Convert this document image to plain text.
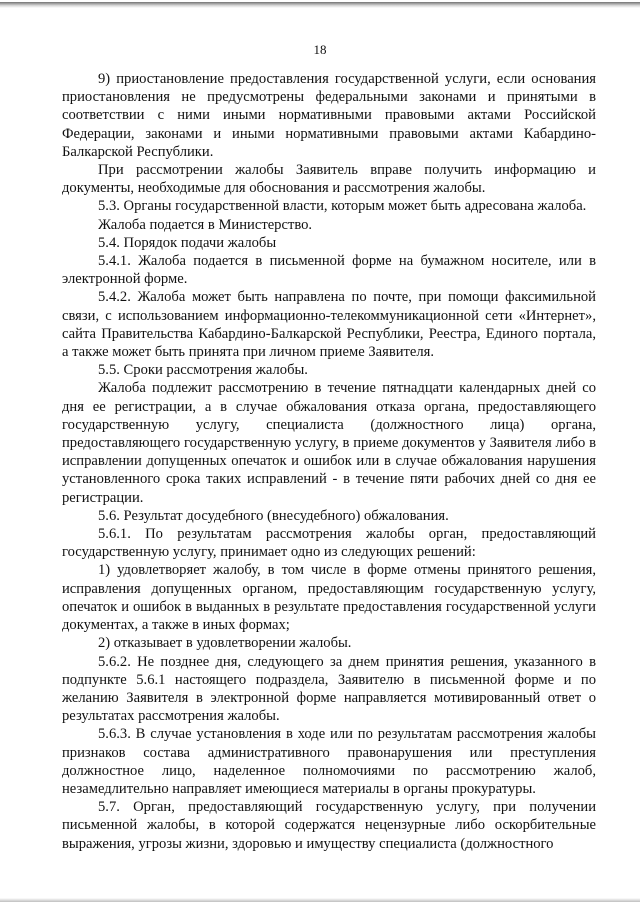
18

9) приостановление предоставления государственной услуги, если основания приостановления не предусмотрены федеральными законами и принятыми в соответствии с ними иными нормативными правовыми актами Российской Федерации, законами и иными нормативными правовыми актами Кабардино-Балкарской Республики.

При рассмотрении жалобы Заявитель вправе получить информацию и документы, необходимые для обоснования и рассмотрения жалобы.

5.3. Органы государственной власти, которым может быть адресована жалоба.

Жалоба подается в Министерство.

5.4. Порядок подачи жалобы

5.4.1. Жалоба подается в письменной форме на бумажном носителе, или в электронной форме.

5.4.2. Жалоба может быть направлена по почте, при помощи факсимильной связи, с использованием информационно-телекоммуникационной сети «Интернет», сайта Правительства Кабардино-Балкарской Республики, Реестра, Единого портала, а также может быть принята при личном приеме Заявителя.

5.5. Сроки рассмотрения жалобы.

Жалоба подлежит рассмотрению в течение пятнадцати календарных дней со дня ее регистрации, а в случае обжалования отказа органа, предоставляющего государственную услугу, специалиста (должностного лица) органа, предоставляющего государственную услугу, в приеме документов у Заявителя либо в исправлении допущенных опечаток и ошибок или в случае обжалования нарушения установленного срока таких исправлений - в течение пяти рабочих дней со дня ее регистрации.

5.6. Результат досудебного (внесудебного) обжалования.

5.6.1. По результатам рассмотрения жалобы орган, предоставляющий государственную услугу, принимает одно из следующих решений:

1) удовлетворяет жалобу, в том числе в форме отмены принятого решения, исправления допущенных органом, предоставляющим государственную услугу, опечаток и ошибок в выданных в результате предоставления государственной услуги документах, а также в иных формах;

2) отказывает в удовлетворении жалобы.

5.6.2. Не позднее дня, следующего за днем принятия решения, указанного в подпункте 5.6.1 настоящего подраздела, Заявителю в письменной форме и по желанию Заявителя в электронной форме направляется мотивированный ответ о результатах рассмотрения жалобы.

5.6.3. В случае установления в ходе или по результатам рассмотрения жалобы признаков состава административного правонарушения или преступления должностное лицо, наделенное полномочиями по рассмотрению жалоб, незамедлительно направляет имеющиеся материалы в органы прокуратуры.

5.7. Орган, предоставляющий государственную услугу, при получении письменной жалобы, в которой содержатся нецензурные либо оскорбительные выражения, угрозы жизни, здоровью и имуществу специалиста (должностного
